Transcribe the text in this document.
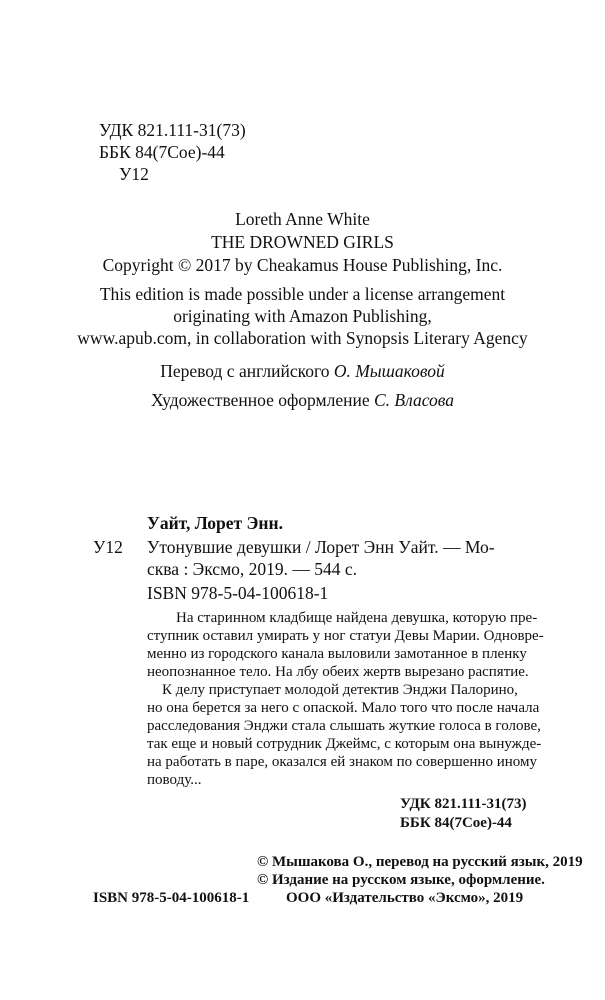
УДК 821.111-31(73)
ББК 84(7Сое)-44
У12
Loreth Anne White
THE DROWNED GIRLS
Copyright © 2017 by Cheakamus House Publishing, Inc.
This edition is made possible under a license arrangement
originating with Amazon Publishing,
www.apub.com, in collaboration with Synopsis Literary Agency
Перевод с английского О. Мышаковой
Художественное оформление С. Власова
Уайт, Лорет Энн.
У12 Утонувшие девушки / Лорет Энн Уайт. — Мо-
сква : Эксмо, 2019. — 544 с.
ISBN 978-5-04-100618-1
На старинном кладбище найдена девушка, которую пре-
ступник оставил умирать у ног статуи Девы Марии. Одновре-
менно из городского канала выловили замотанное в пленку
неопознанное тело. На лбу обеих жертв вырезано распятие.
К делу приступает молодой детектив Энджи Палорино,
но она берется за него с опаской. Мало того что после начала
расследования Энджи стала слышать жуткие голоса в голове,
так еще и новый сотрудник Джеймс, с которым она вынужде-
на работать в паре, оказался ей знаком по совершенно иному
поводу...
УДК 821.111-31(73)
ББК 84(7Сое)-44
© Мышакова О., перевод на русский язык, 2019
© Издание на русском языке, оформление.
ISBN 978-5-04-100618-1 ООО «Издательство «Эксмо», 2019
